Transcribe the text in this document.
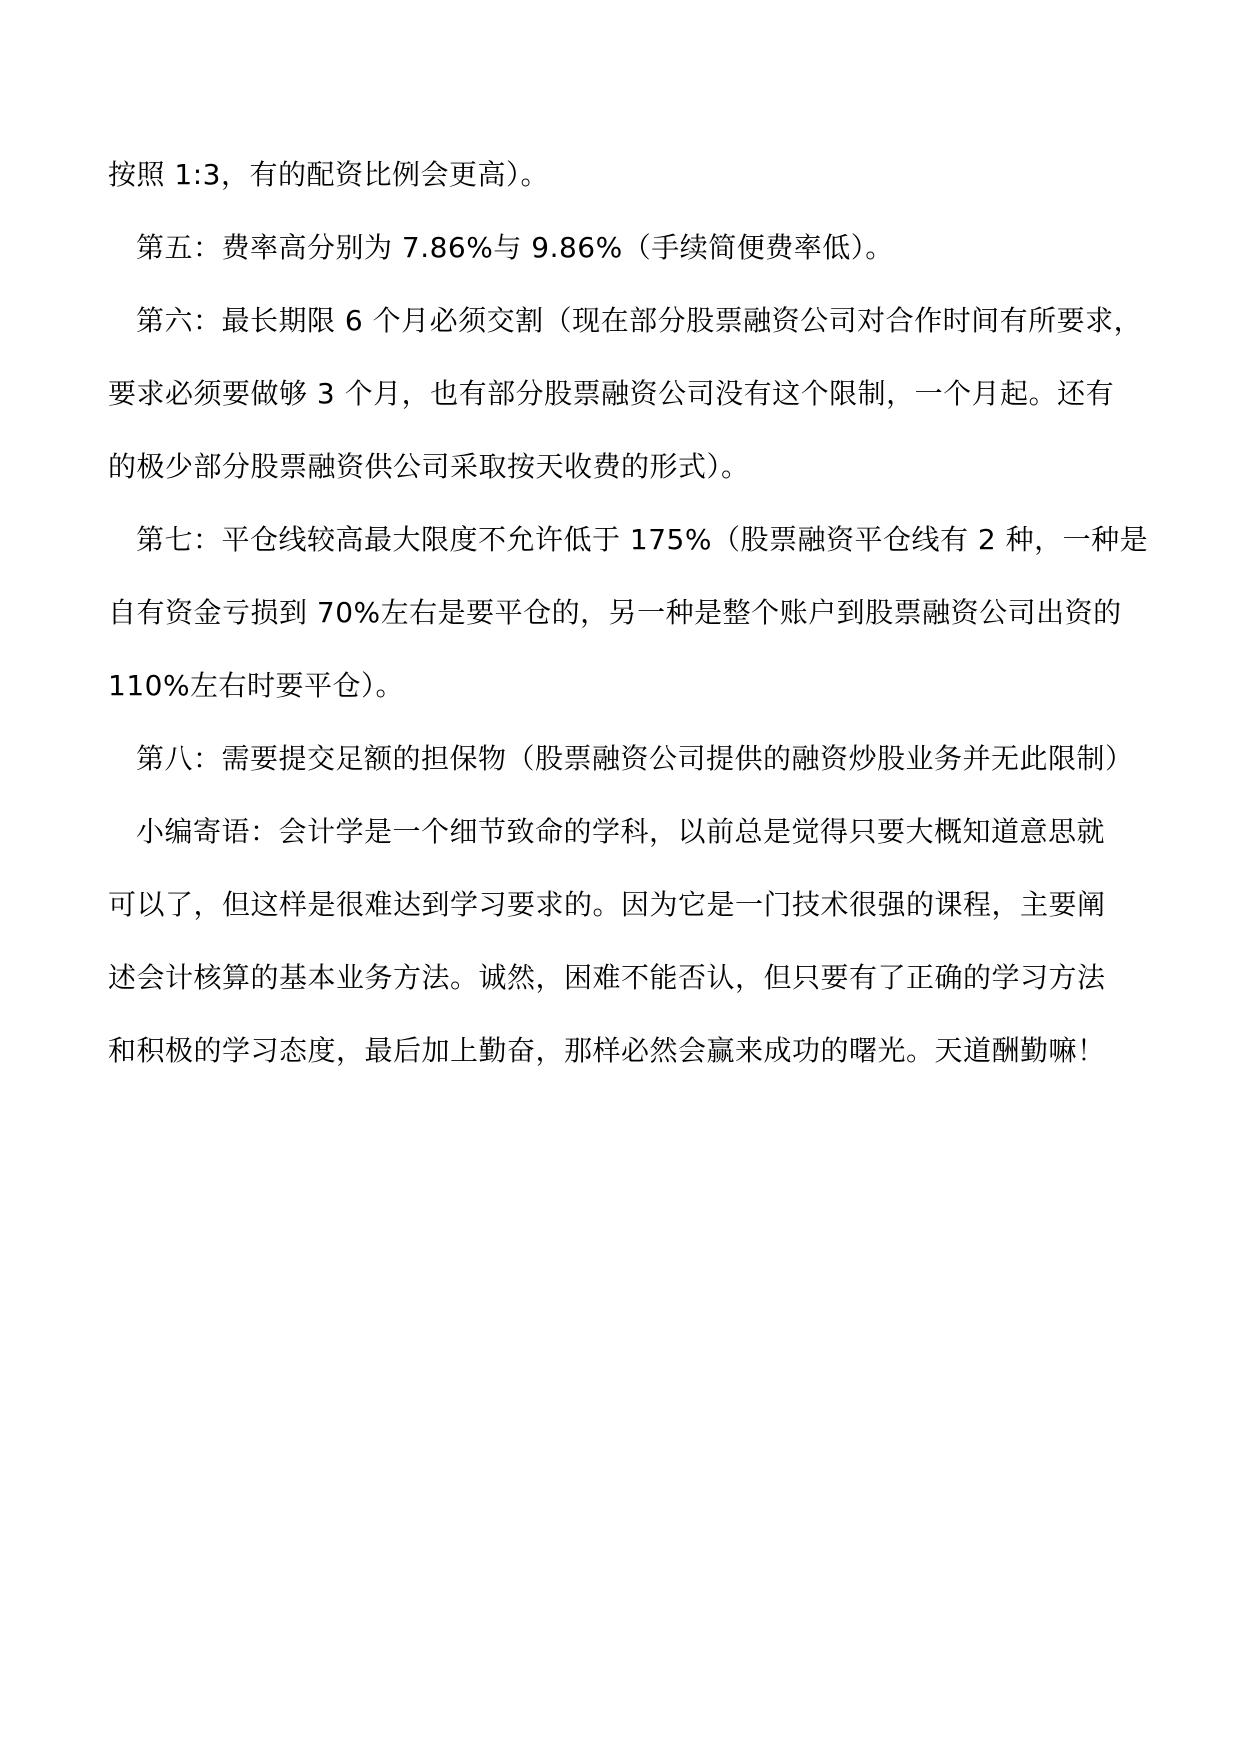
按照 1:3，有的配资比例会更高）。

第五：费率高分别为 7.86%与 9.86%（手续简便费率低）。

第六：最长期限 6 个月必须交割（现在部分股票融资公司对合作时间有所要求，

要求必须要做够 3 个月，也有部分股票融资公司没有这个限制，一个月起。还有

的极少部分股票融资供公司采取按天收费的形式）。

第七：平仓线较高最大限度不允许低于 175%（股票融资平仓线有 2 种，一种是

自有资金亏损到 70%左右是要平仓的，另一种是整个账户到股票融资公司出资的

110%左右时要平仓）。

第八：需要提交足额的担保物（股票融资公司提供的融资炒股业务并无此限制）

小编寄语：会计学是一个细节致命的学科，以前总是觉得只要大概知道意思就

可以了，但这样是很难达到学习要求的。因为它是一门技术很强的课程，主要阐

述会计核算的基本业务方法。诚然，困难不能否认，但只要有了正确的学习方法

和积极的学习态度，最后加上勤奋，那样必然会赢来成功的曙光。天道酬勤嘛！
